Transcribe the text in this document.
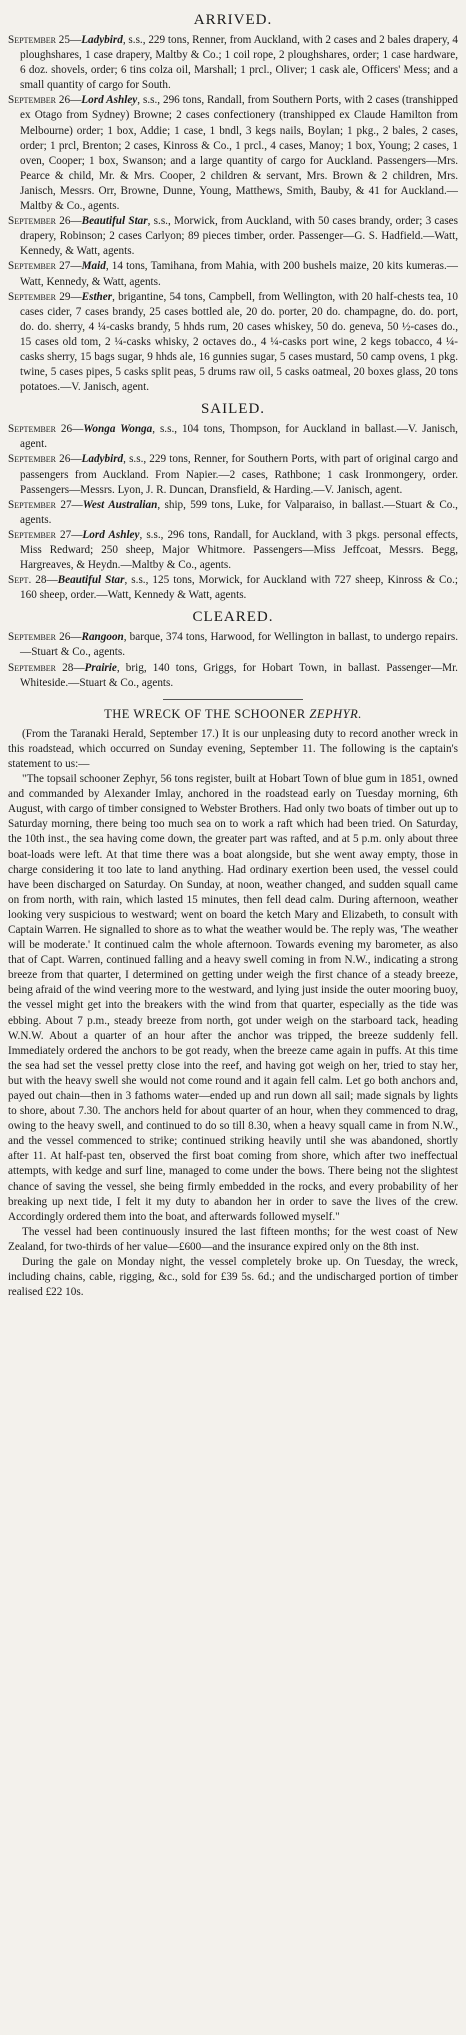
ARRIVED.

September 25—Ladybird, s.s., 229 tons, Renner, from Auckland, with 2 cases and 2 bales drapery, 4 ploughshares, 1 case drapery, Maltby & Co.; 1 coil rope, 2 ploughshares, order; 1 case hardware, 6 doz. shovels, order; 6 tins colza oil, Marshall; 1 prcl., Oliver; 1 cask ale, Officers' Mess; and a small quantity of cargo for South.

September 26—Lord Ashley, s.s., 296 tons, Randall, from Southern Ports, with 2 cases (transhipped ex Otago from Sydney) Browne; 2 cases confectionery (transhipped ex Claude Hamilton from Melbourne) order; 1 box, Addie; 1 case, 1 bndl, 3 kegs nails, Boylan; 1 pkg., 2 bales, 2 cases, order; 1 prcl, Brenton; 2 cases, Kinross & Co., 1 prcl., 4 cases, Manoy; 1 box, Young; 2 cases, 1 oven, Cooper; 1 box, Swanson; and a large quantity of cargo for Auckland. Passengers—Mrs. Pearce & child, Mr. & Mrs. Cooper, 2 children & servant, Mrs. Brown & 2 children, Mrs. Janisch, Messrs. Orr, Browne, Dunne, Young, Matthews, Smith, Bauby, & 41 for Auckland.—Maltby & Co., agents.

September 26—Beautiful Star, s.s., Morwick, from Auckland, with 50 cases brandy, order; 3 cases drapery, Robinson; 2 cases Carlyon; 89 pieces timber, order. Passenger—G. S. Hadfield.—Watt, Kennedy, & Watt, agents.

September 27—Maid, 14 tons, Tamihana, from Mahia, with 200 bushels maize, 20 kits kumeras.—Watt, Kennedy, & Watt, agents.

September 29—Esther, brigantine, 54 tons, Campbell, from Wellington, with 20 half-chests tea, 10 cases cider, 7 cases brandy, 25 cases bottled ale, 20 do. porter, 20 do. champagne, do. do. port, do. do. sherry, 4 ¼-casks brandy, 5 hhds rum, 20 cases whiskey, 50 do. geneva, 50 ½-cases do., 15 cases old tom, 2 ¼-casks whisky, 2 octaves do., 4 ¼-casks port wine, 2 kegs tobacco, 4 ¼-casks sherry, 15 bags sugar, 9 hhds ale, 16 gunnies sugar, 5 cases mustard, 50 camp ovens, 1 pkg. twine, 5 cases pipes, 5 casks split peas, 5 drums raw oil, 5 casks oatmeal, 20 boxes glass, 20 tons potatoes.—V. Janisch, agent.

SAILED.

September 26—Wonga Wonga, s.s., 104 tons, Thompson, for Auckland in ballast.—V. Janisch, agent.

September 26—Ladybird, s.s., 229 tons, Renner, for Southern Ports, with part of original cargo and passengers from Auckland. From Napier.—2 cases, Rathbone; 1 cask Ironmongery, order. Passengers—Messrs. Lyon, J. R. Duncan, Dransfield, & Harding.—V. Janisch, agent.

September 27—West Australian, ship, 599 tons, Luke, for Valparaiso, in ballast.—Stuart & Co., agents.

September 27—Lord Ashley, s.s., 296 tons, Randall, for Auckland, with 3 pkgs. personal effects, Miss Redward; 250 sheep, Major Whitmore. Passengers—Miss Jeffcoat, Messrs. Begg, Hargreaves, & Heydn.—Maltby & Co., agents.

Sept. 28—Beautiful Star, s.s., 125 tons, Morwick, for Auckland with 727 sheep, Kinross & Co.; 160 sheep, order.—Watt, Kennedy & Watt, agents.

CLEARED.

September 26—Rangoon, barque, 374 tons, Harwood, for Wellington in ballast, to undergo repairs.—Stuart & Co., agents.

September 28—Prairie, brig, 140 tons, Griggs, for Hobart Town, in ballast. Passenger—Mr. Whiteside.—Stuart & Co., agents.

THE WRECK OF THE SCHOONER ZEPHYR.

(From the Taranaki Herald, September 17.) It is our unpleasing duty to record another wreck in this roadstead, which occurred on Sunday evening, September 11. The following is the captain's statement to us:—

"The topsail schooner Zephyr, 56 tons register, built at Hobart Town of blue gum in 1851, owned and commanded by Alexander Imlay, anchored in the roadstead early on Tuesday morning, 6th August, with cargo of timber consigned to Webster Brothers. Had only two boats of timber out up to Saturday morning, there being too much sea on to work a raft which had been tried. On Saturday, the 10th inst., the sea having come down, the greater part was rafted, and at 5 p.m. only about three boat-loads were left. At that time there was a boat alongside, but she went away empty, those in charge considering it too late to land anything. Had ordinary exertion been used, the vessel could have been discharged on Saturday. On Sunday, at noon, weather changed, and sudden squall came on from north, with rain, which lasted 15 minutes, then fell dead calm. During afternoon, weather looking very suspicious to westward; went on board the ketch Mary and Elizabeth, to consult with Captain Warren. He signalled to shore as to what the weather would be. The reply was, 'The weather will be moderate.' It continued calm the whole afternoon. Towards evening my barometer, as also that of Capt. Warren, continued falling and a heavy swell coming in from N.W., indicating a strong breeze from that quarter, I determined on getting under weigh the first chance of a steady breeze, being afraid of the wind veering more to the westward, and lying just inside the outer mooring buoy, the vessel might get into the breakers with the wind from that quarter, especially as the tide was ebbing. About 7 p.m., steady breeze from north, got under weigh on the starboard tack, heading W.N.W. About a quarter of an hour after the anchor was tripped, the breeze suddenly fell. Immediately ordered the anchors to be got ready, when the breeze came again in puffs. At this time the sea had set the vessel pretty close into the reef, and having got weigh on her, tried to stay her, but with the heavy swell she would not come round and it again fell calm. Let go both anchors and, payed out chain—then in 3 fathoms water—ended up and run down all sail; made signals by lights to shore, about 7.30. The anchors held for about quarter of an hour, when they commenced to drag, owing to the heavy swell, and continued to do so till 8.30, when a heavy squall came in from N.W., and the vessel commenced to strike; continued striking heavily until she was abandoned, shortly after 11. At half-past ten, observed the first boat coming from shore, which after two ineffectual attempts, with kedge and surf line, managed to come under the bows. There being not the slightest chance of saving the vessel, she being firmly embedded in the rocks, and every probability of her breaking up next tide, I felt it my duty to abandon her in order to save the lives of the crew. Accordingly ordered them into the boat, and afterwards followed myself."

The vessel had been continuously insured the last fifteen months; for the west coast of New Zealand, for two-thirds of her value—£600—and the insurance expired only on the 8th inst.

During the gale on Monday night, the vessel completely broke up. On Tuesday, the wreck, including chains, cable, rigging, &c., sold for £39 5s. 6d.; and the undischarged portion of timber realised £22 10s.
